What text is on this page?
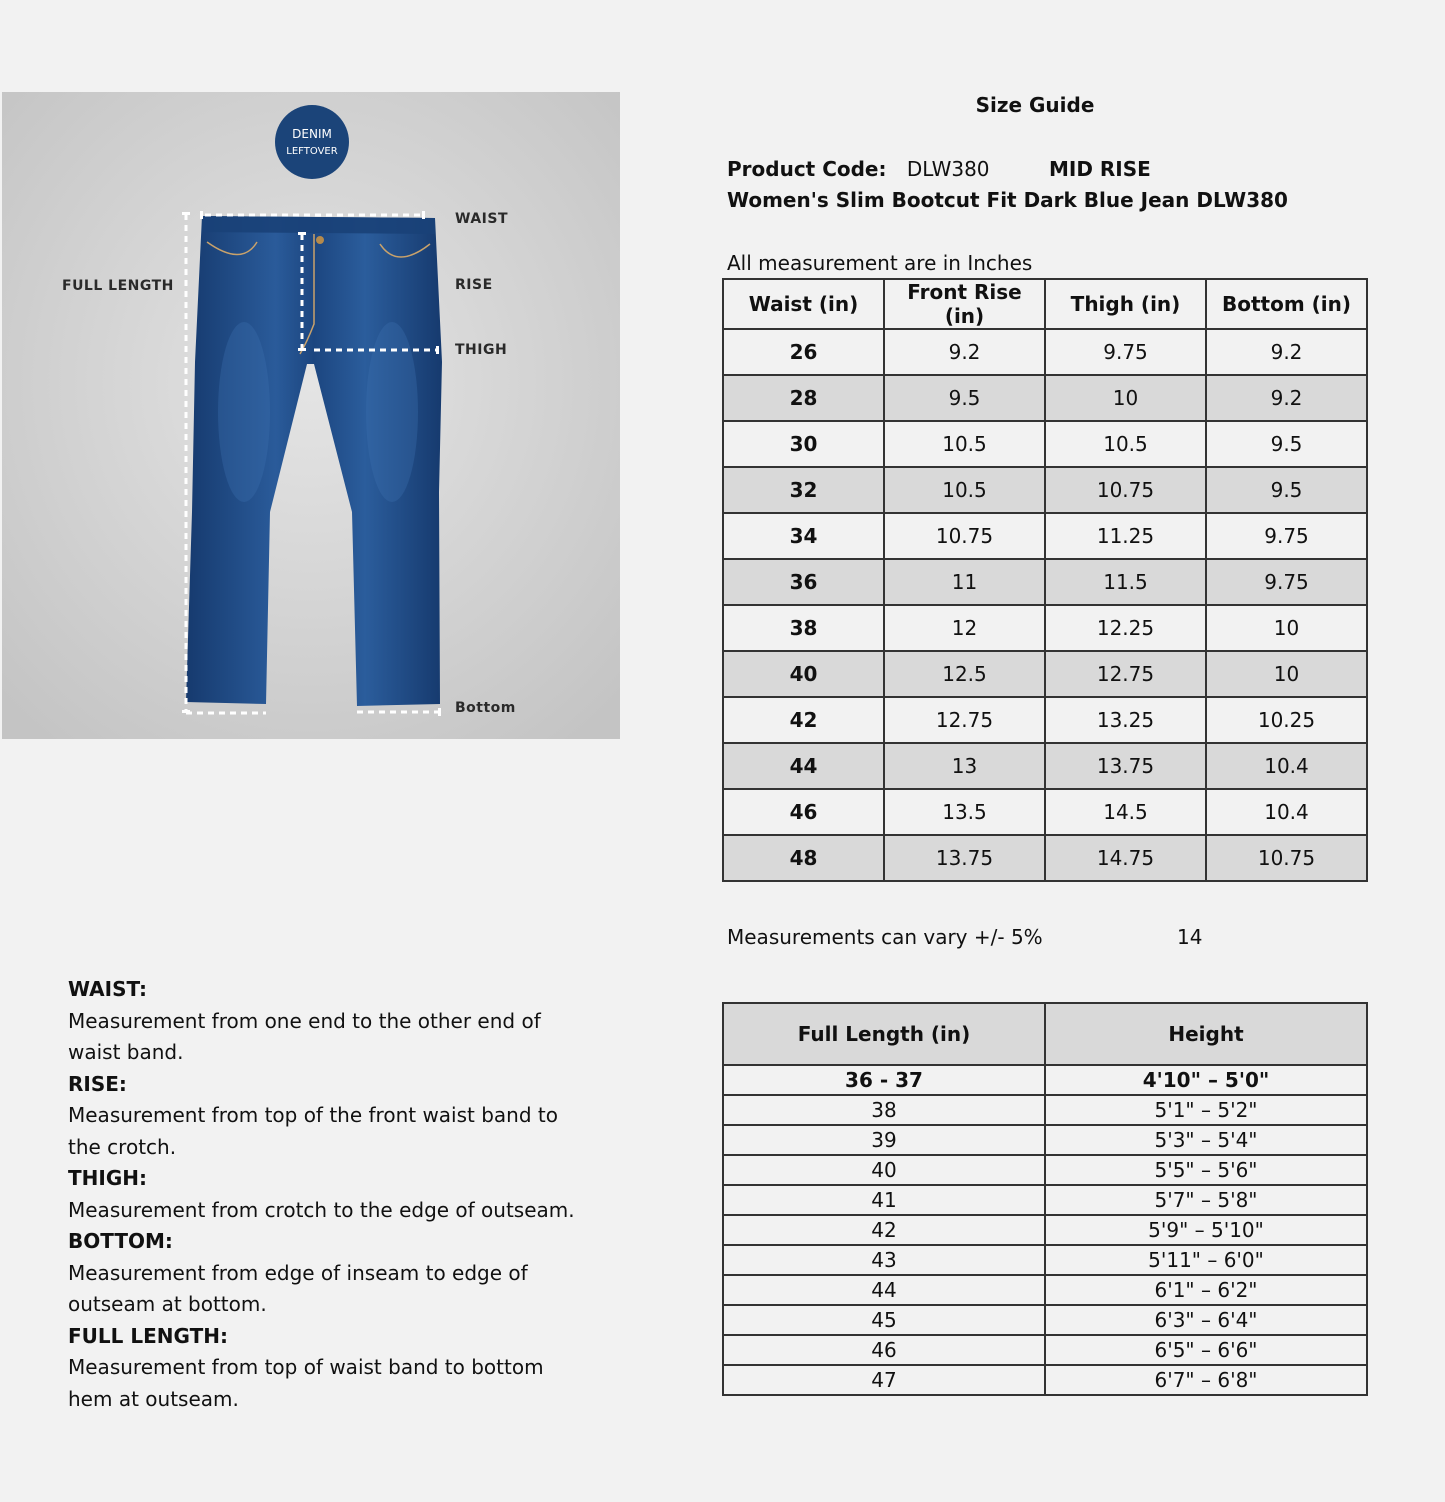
DENIM
LEFTOVER
WAIST
FULL LENGTH	RISE
THIGH
Bottom
Size Guide
Product Code: DLW380	MID RISE
Women's Slim Bootcut Fit Dark Blue Jean DLW380
All measurement are in Inches
Waist (in)	Front Rise (in)	Thigh (in)	Bottom (in)
26	9.2	9.75	9.2
28	9.5	10	9.2
30	10.5	10.5	9.5
32	10.5	10.75	9.5
34	10.75	11.25	9.75
36	11	11.5	9.75
38	12	12.25	10
40	12.5	12.75	10
42	12.75	13.25	10.25
44	13	13.75	10.4
46	13.5	14.5	10.4
48	13.75	14.75	10.75
Measurements can vary +/- 5%	14
Full Length (in)	Height
36 - 37	4'10" – 5'0"
38	5'1" – 5'2"
39	5'3" – 5'4"
40	5'5" – 5'6"
41	5'7" – 5'8"
42	5'9" – 5'10"
43	5'11" – 6'0"
44	6'1" – 6'2"
45	6'3" – 6'4"
46	6'5" – 6'6"
47	6'7" – 6'8"
WAIST:
Measurement from one end to the other end of waist band.
RISE:
Measurement from top of the front waist band to the crotch.
THIGH:
Measurement from crotch to the edge of outseam.
BOTTOM:
Measurement from edge of inseam to edge of outseam at bottom.
FULL LENGTH:
Measurement from top of waist band to bottom hem at outseam.
